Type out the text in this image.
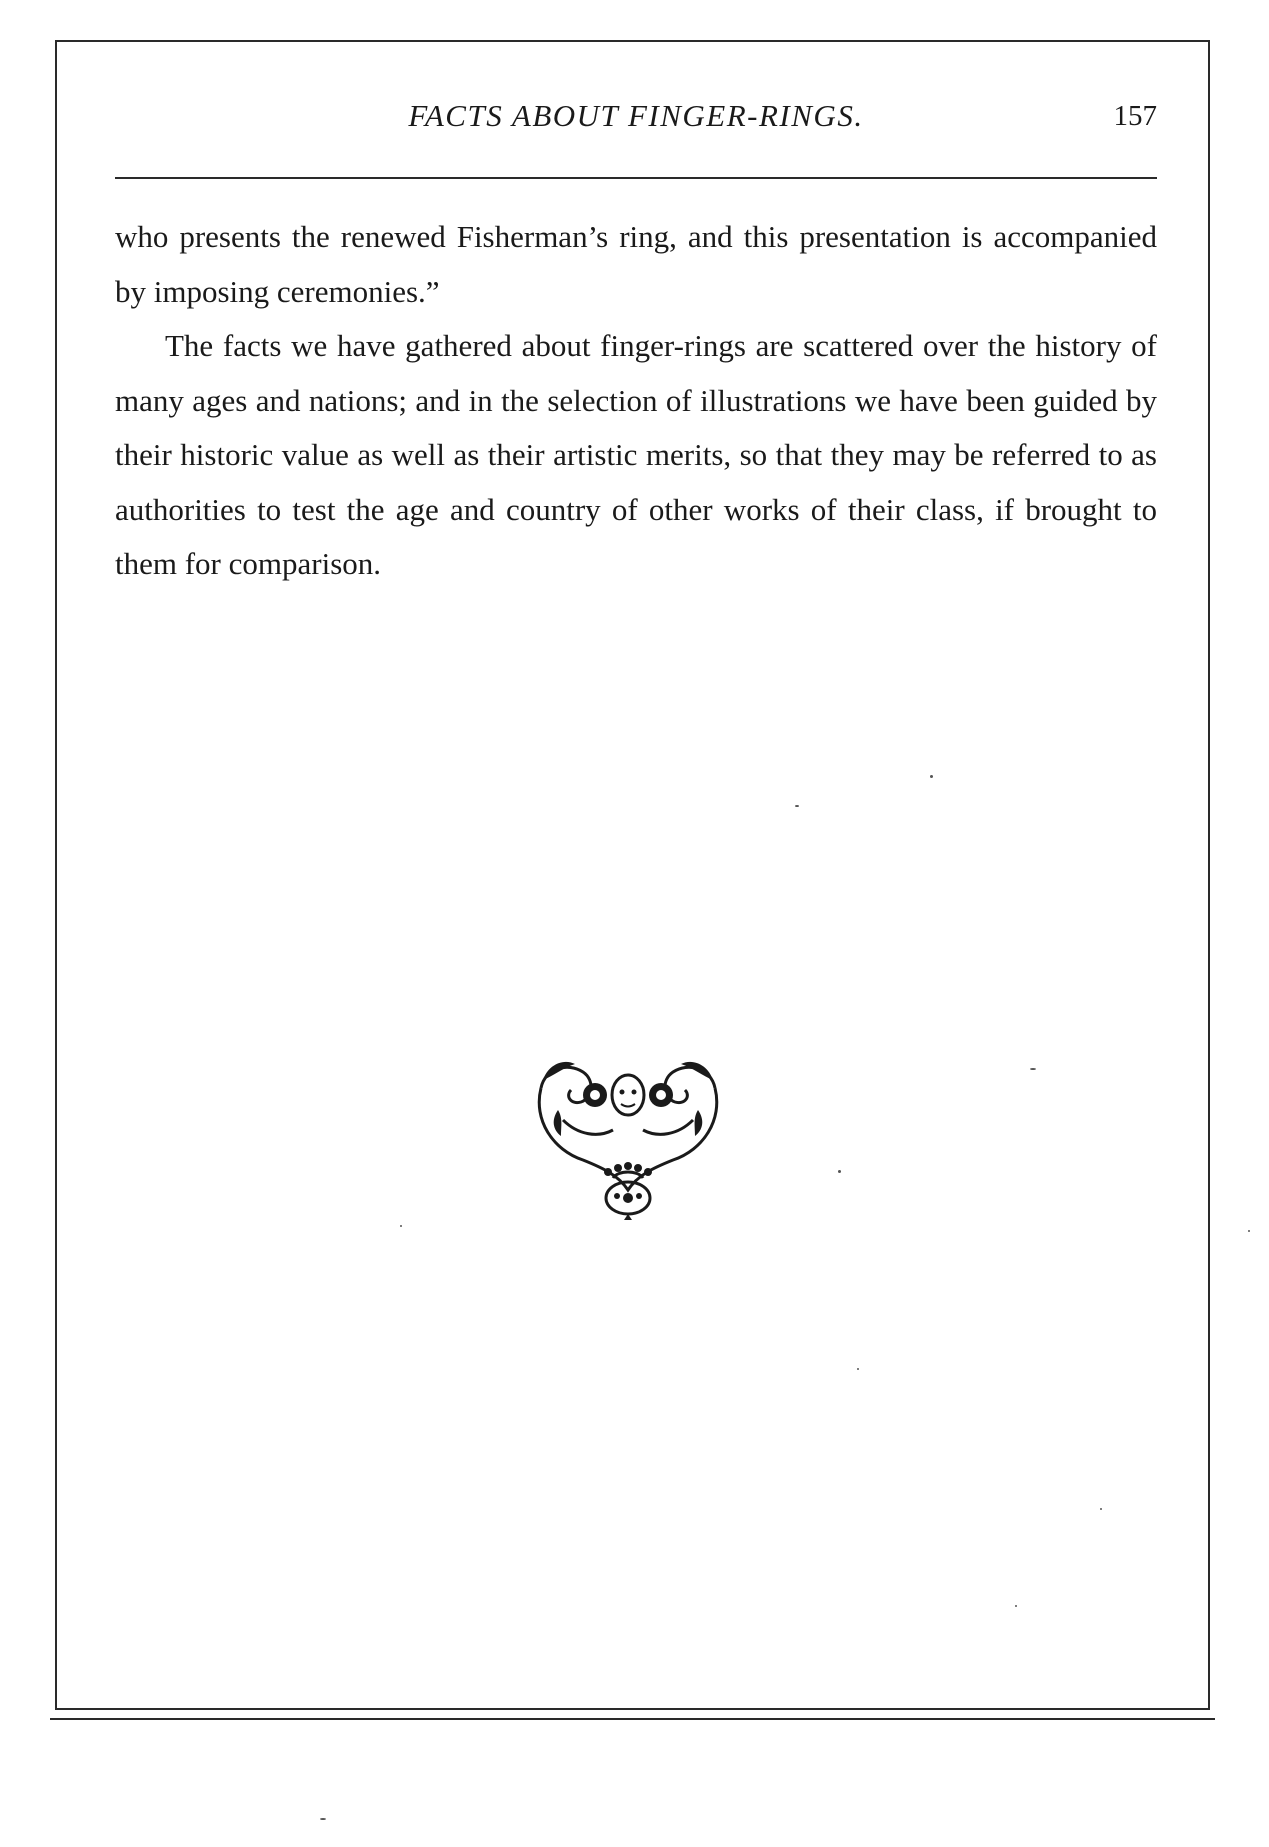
FACTS ABOUT FINGER-RINGS.	157

who presents the renewed Fisherman’s ring, and this presentation is accompanied by imposing ceremonies.”

The facts we have gathered about finger-rings are scattered over the history of many ages and nations; and in the selection of illustrations we have been guided by their historic value as well as their artistic merits, so that they may be referred to as authorities to test the age and country of other works of their class, if brought to them for comparison.
